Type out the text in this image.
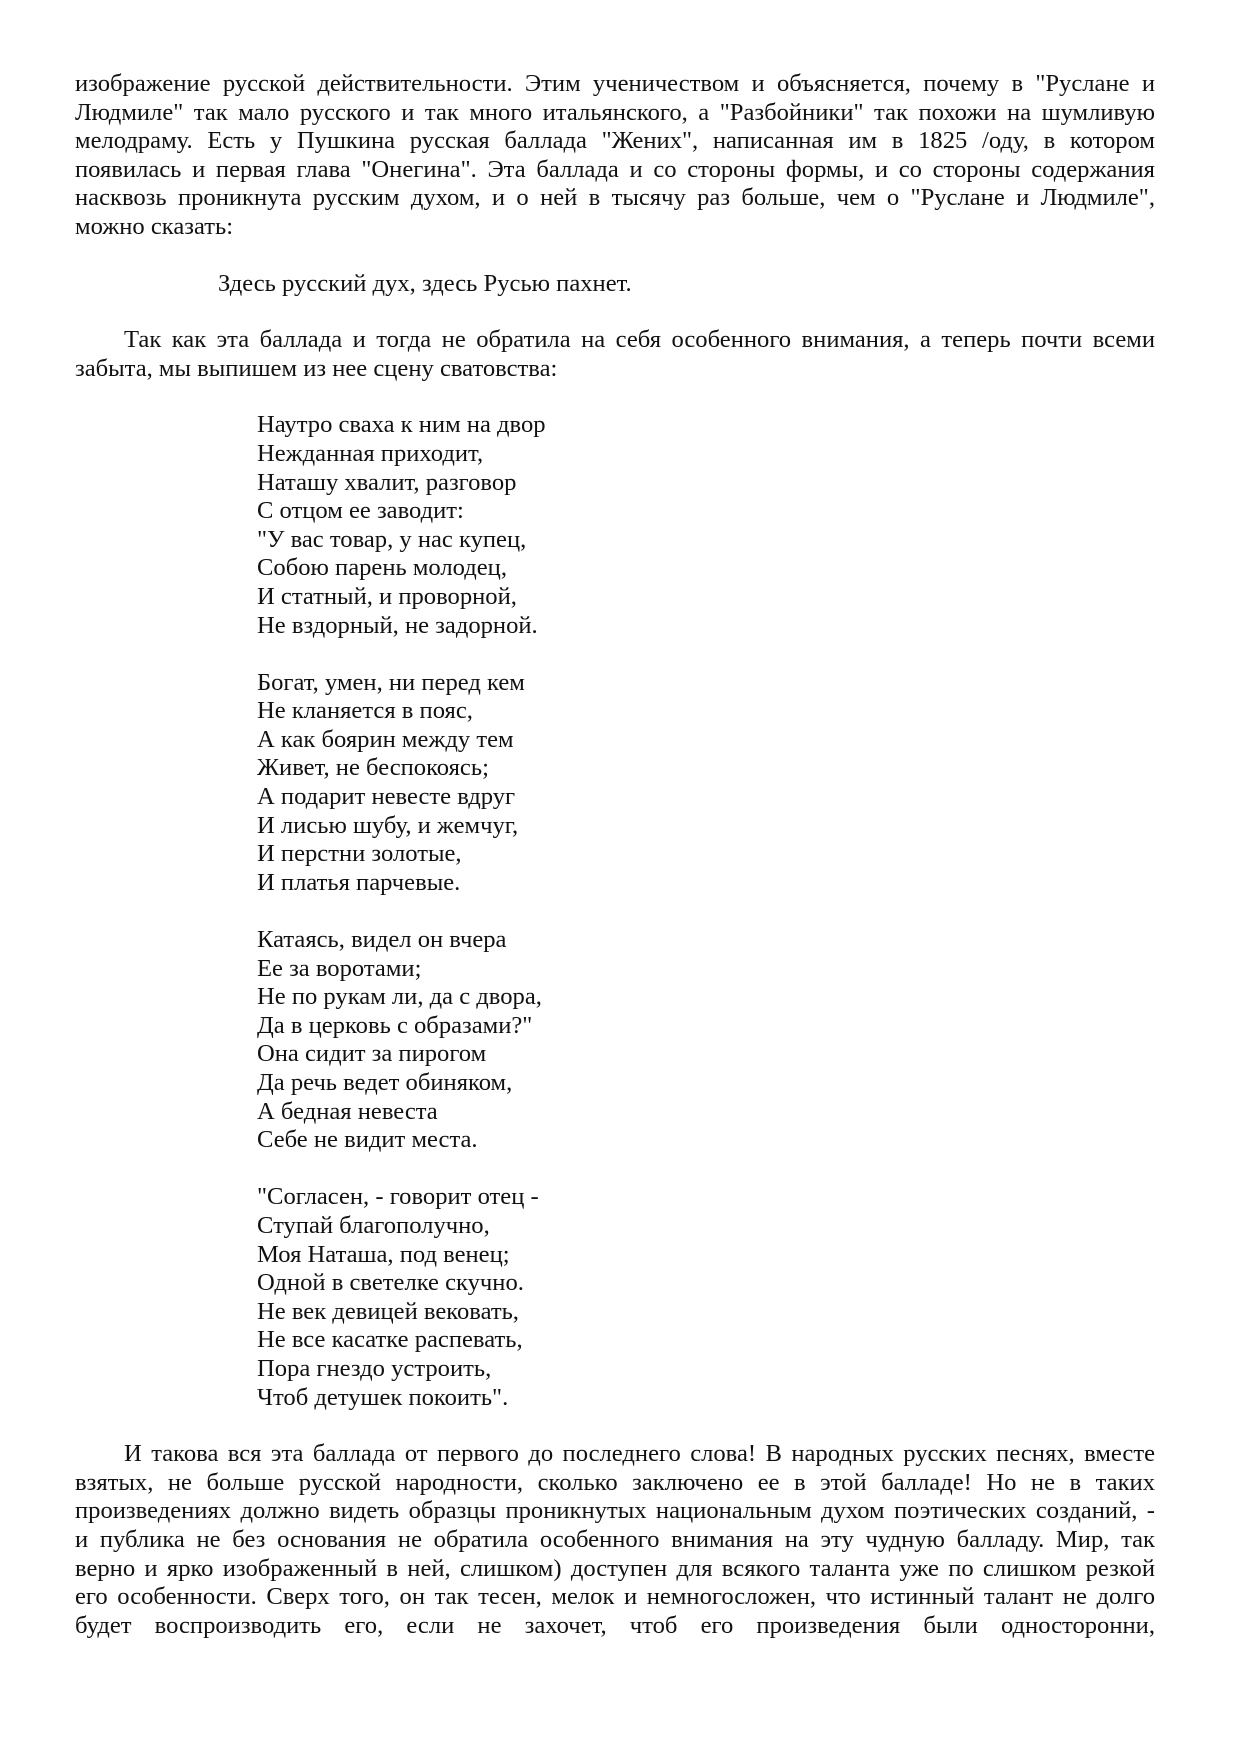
изображение русской действительности. Этим ученичеством и объясняется, почему в "Руслане и

Людмиле" так мало русского и так много итальянского, а "Разбойники" так похожи на шумливую

мелодраму. Есть у Пушкина русская баллада "Жених", написанная им в 1825 /оду, в котором

появилась и первая глава "Онегина". Эта баллада и со стороны формы, и со стороны содержания

насквозь проникнута русским духом, и о ней в тысячу раз больше, чем о "Руслане и Людмиле",

можно сказать:

Здесь русский дух, здесь Русью пахнет.

Так как эта баллада и тогда не обратила на себя особенного внимания, а теперь почти всеми забыта, мы выпишем из нее сцену сватовства:

Наутро сваха к ним на двор
Нежданная приходит,
Наташу хвалит, разговор
С отцом ее заводит:
"У вас товар, у нас купец,
Собою парень молодец,
И статный, и проворной,
Не вздорный, не задорной.
Богат, умен, ни перед кем
Не кланяется в пояс,
А как боярин между тем
Живет, не беспокоясь;
А подарит невесте вдруг
И лисью шубу, и жемчуг,
И перстни золотые,
И платья парчевые.
Катаясь, видел он вчера
Ее за воротами;
Не по рукам ли, да с двора,
Да в церковь с образами?"
Она сидит за пирогом
Да речь ведет обиняком,
А бедная невеста
Себе не видит места.
"Согласен, - говорит отец -
Ступай благополучно,
Моя Наташа, под венец;
Одной в светелке скучно.
Не век девицей вековать,
Не все касатке распевать,
Пора гнездо устроить,
Чтоб детушек покоить".

И такова вся эта баллада от первого до последнего слова! В народных русских песнях, вместе

взятых, не больше русской народности, сколько заключено ее в этой балладе! Но не в таких

произведениях должно видеть образцы проникнутых национальным духом поэтических созданий, -

и публика не без основания не обратила особенного внимания на эту чудную балладу. Мир, так

верно и ярко изображенный в ней, слишком) доступен для всякого таланта уже по слишком резкой

его особенности. Сверх того, он так тесен, мелок и немногосложен, что истинный талант не долго

будет воспроизводить его, если не захочет, чтоб его произведения были односторонни,
